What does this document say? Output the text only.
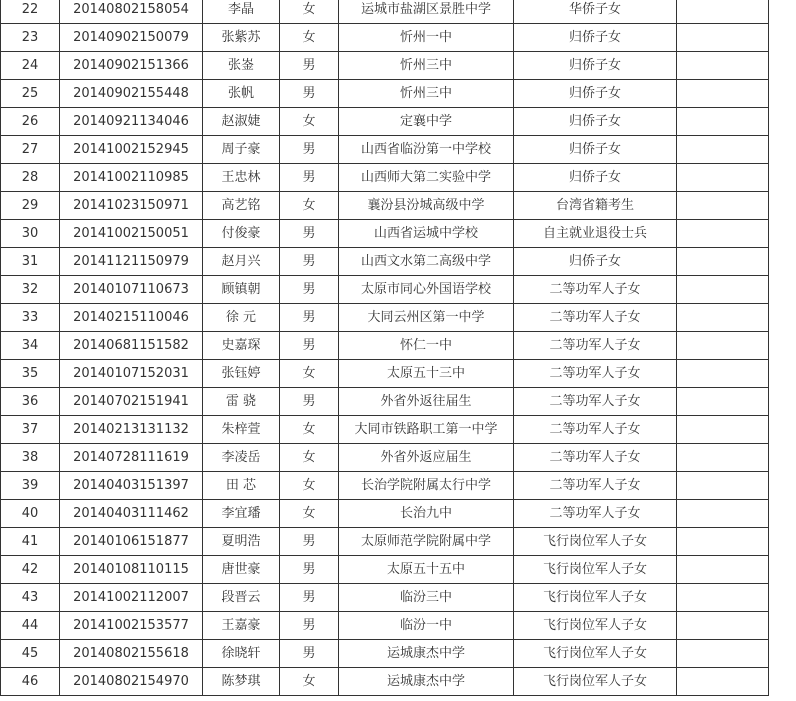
22	20140802158054	李晶	女	运城市盐湖区景胜中学	华侨子女	
23	20140902150079	张紫苏	女	忻州一中	归侨子女	
24	20140902151366	张崟	男	忻州三中	归侨子女	
25	20140902155448	张帆	男	忻州三中	归侨子女	
26	20140921134046	赵淑婕	女	定襄中学	归侨子女	
27	20141002152945	周子豪	男	山西省临汾第一中学校	归侨子女	
28	20141002110985	王忠林	男	山西师大第二实验中学	归侨子女	
29	20141023150971	高艺铭	女	襄汾县汾城高级中学	台湾省籍考生	
30	20141002150051	付俊豪	男	山西省运城中学校	自主就业退役士兵	
31	20141121150979	赵月兴	男	山西文水第二高级中学	归侨子女	
32	20140107110673	顾镇朝	男	太原市同心外国语学校	二等功军人子女	
33	20140215110046	徐 元	男	大同云州区第一中学	二等功军人子女	
34	20140681151582	史嘉琛	男	怀仁一中	二等功军人子女	
35	20140107152031	张钰婷	女	太原五十三中	二等功军人子女	
36	20140702151941	雷 骁	男	外省外返往届生	二等功军人子女	
37	20140213131132	朱梓萱	女	大同市铁路职工第一中学	二等功军人子女	
38	20140728111619	李凌岳	女	外省外返应届生	二等功军人子女	
39	20140403151397	田 芯	女	长治学院附属太行中学	二等功军人子女	
40	20140403111462	李宜璠	女	长治九中	二等功军人子女	
41	20140106151877	夏明浩	男	太原师范学院附属中学	飞行岗位军人子女	
42	20140108110115	唐世豪	男	太原五十五中	飞行岗位军人子女	
43	20141002112007	段晋云	男	临汾三中	飞行岗位军人子女	
44	20141002153577	王嘉豪	男	临汾一中	飞行岗位军人子女	
45	20140802155618	徐晓轩	男	运城康杰中学	飞行岗位军人子女	
46	20140802154970	陈梦琪	女	运城康杰中学	飞行岗位军人子女	
